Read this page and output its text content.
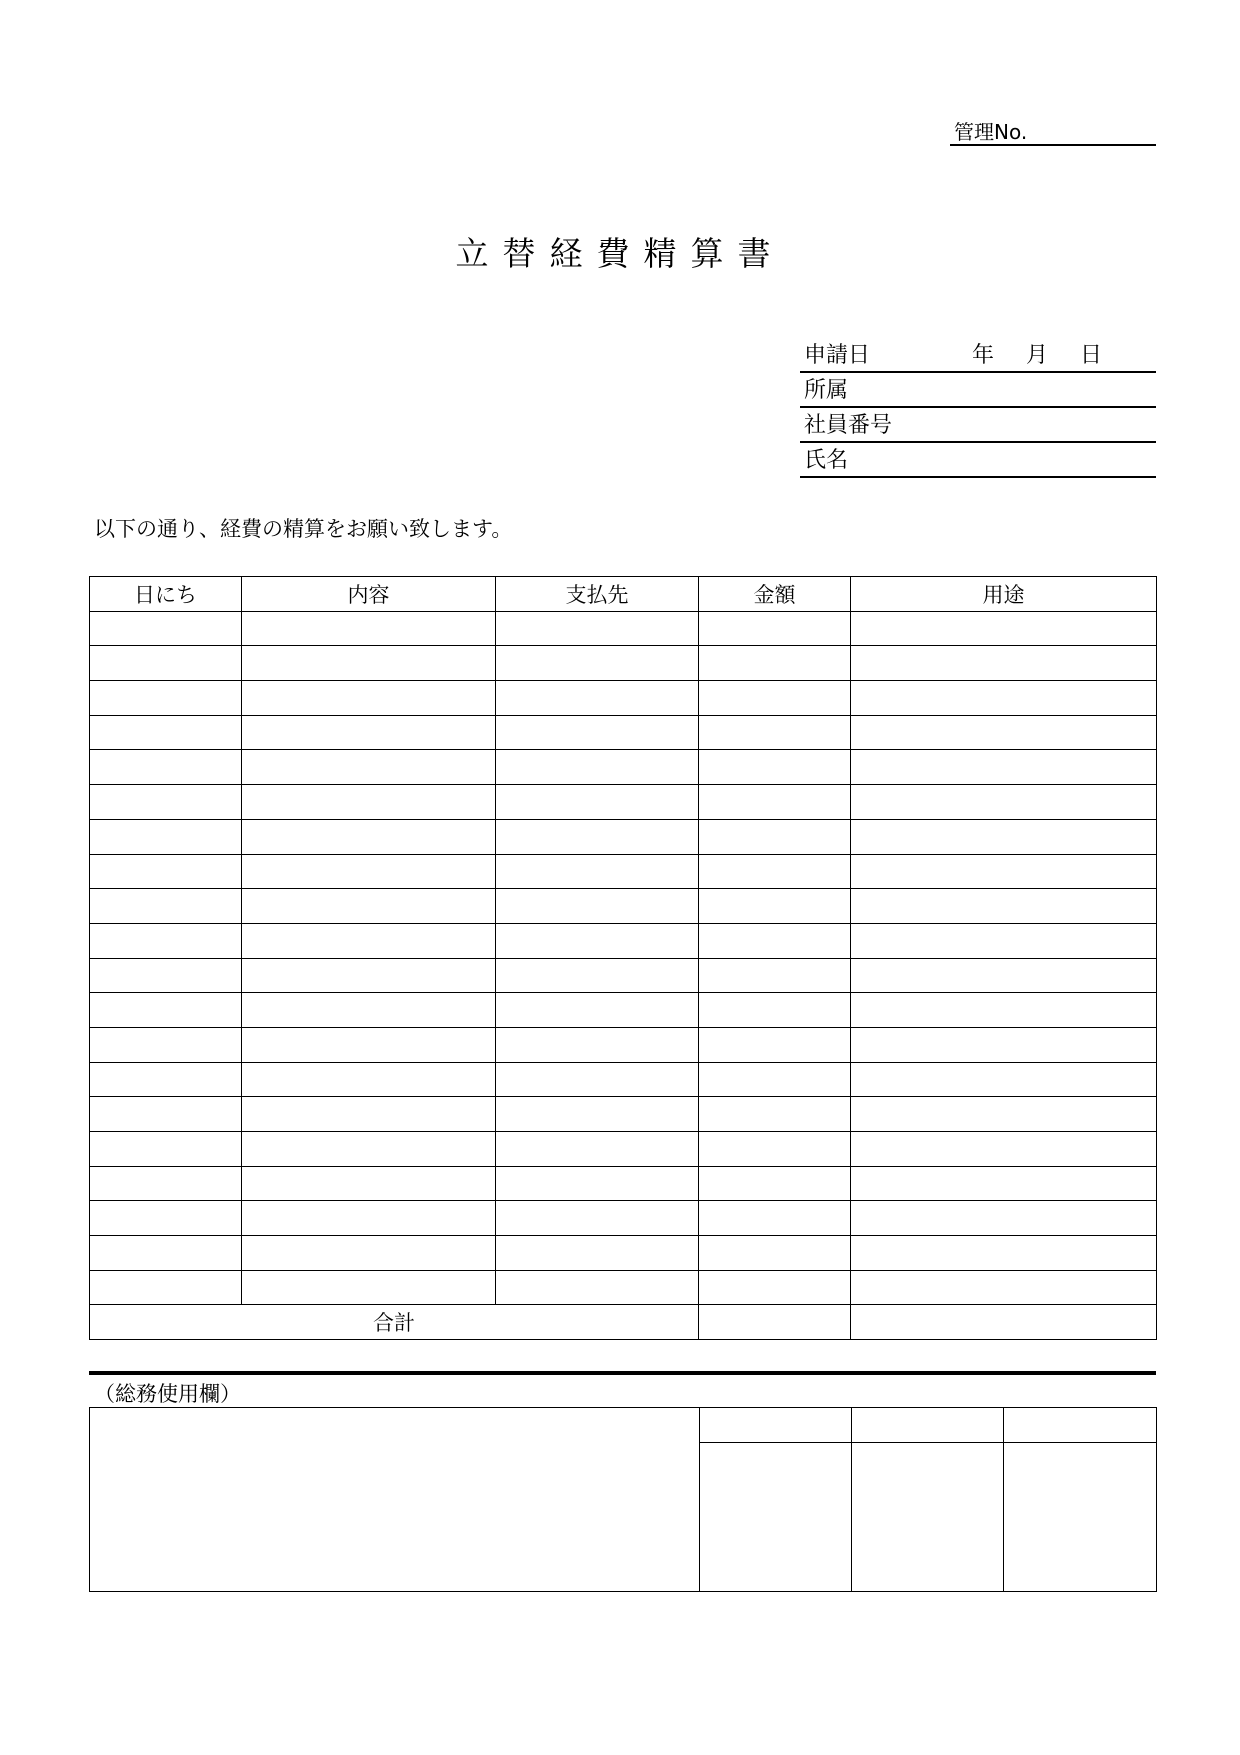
管理No.
立替経費精算書
申請日	年 月 日
所属
社員番号
氏名
以下の通り、経費の精算をお願い致します。
日にち	内容	支払先	金額	用途

合計				
（総務使用欄）
